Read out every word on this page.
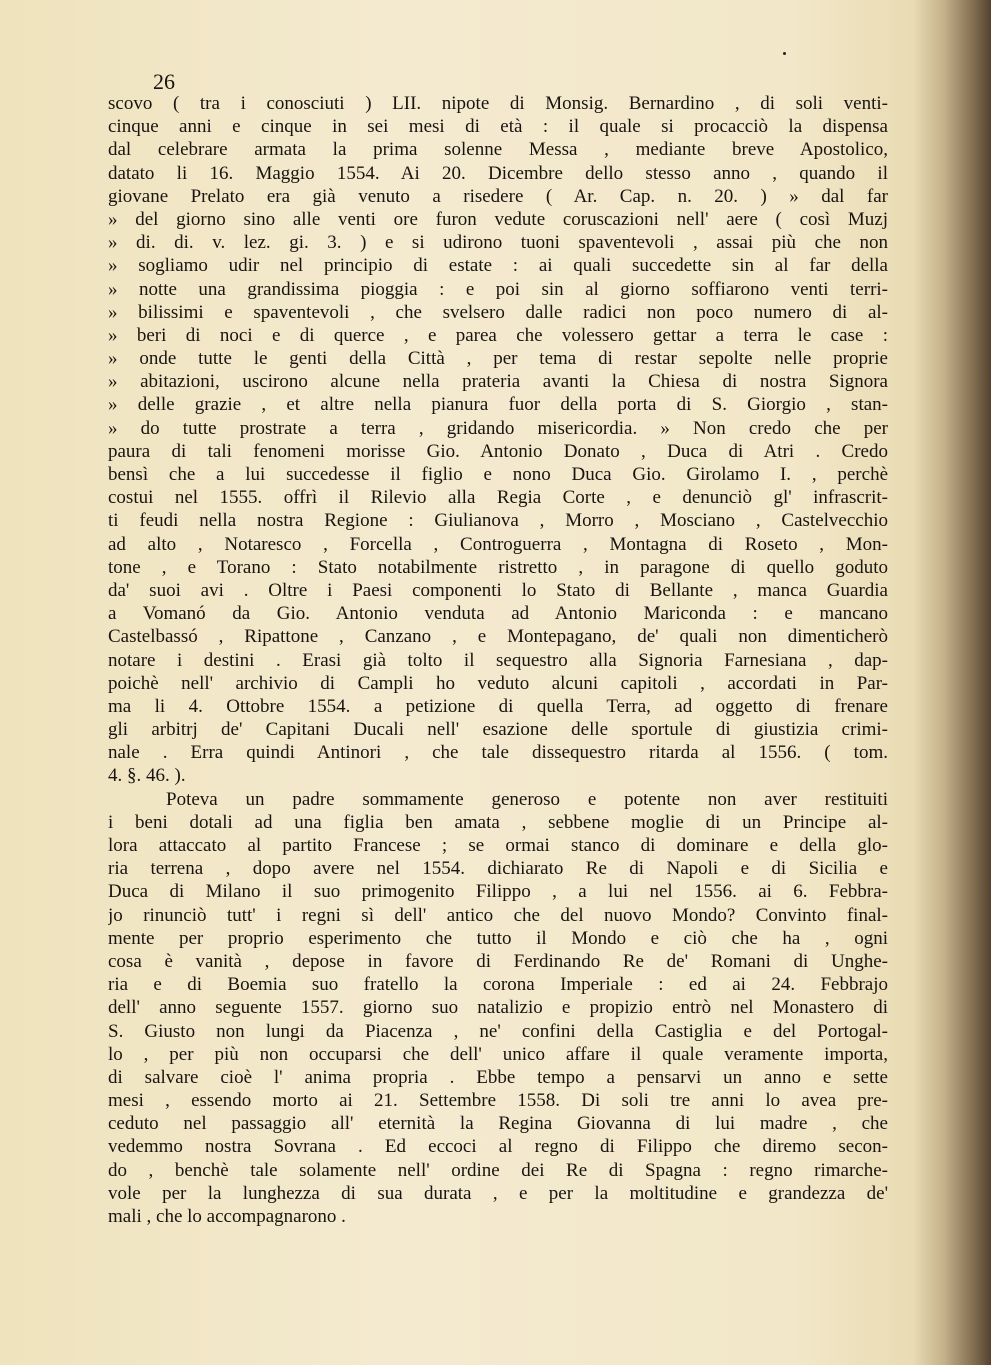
26
scovo ( tra i conosciuti ) LII. nipote di Monsig. Bernardino , di soli venti-
cinque anni e cinque in sei mesi di età : il quale si procacciò la dispensa
dal celebrare armata la prima solenne Messa , mediante breve Apostolico,
datato li 16. Maggio 1554. Ai 20. Dicembre dello stesso anno , quando il
giovane Prelato era già venuto a risedere ( Ar. Cap. n. 20. ) » dal far
» del giorno sino alle venti ore furon vedute coruscazioni nell' aere ( così Muzj
» di. di. v. lez. gi. 3. ) e si udirono tuoni spaventevoli , assai più che non
» sogliamo udir nel principio di estate : ai quali succedette sin al far della
» notte una grandissima pioggia : e poi sin al giorno soffiarono venti terri-
» bilissimi e spaventevoli , che svelsero dalle radici non poco numero di al-
» beri di noci e di querce , e parea che volessero gettar a terra le case :
» onde tutte le genti della Città , per tema di restar sepolte nelle proprie
» abitazioni, uscirono alcune nella prateria avanti la Chiesa di nostra Signora
» delle grazie , et altre nella pianura fuor della porta di S. Giorgio , stan-
» do tutte prostrate a terra , gridando misericordia. » Non credo che per
paura di tali fenomeni morisse Gio. Antonio Donato , Duca di Atri . Credo
bensì che a lui succedesse il figlio e nono Duca Gio. Girolamo I. , perchè
costui nel 1555. offrì il Rilevio alla Regia Corte , e denunciò gl' infrascrit-
ti feudi nella nostra Regione : Giulianova , Morro , Mosciano , Castelvecchio
ad alto , Notaresco , Forcella , Controguerra , Montagna di Roseto , Mon-
tone , e Torano : Stato notabilmente ristretto , in paragone di quello goduto
da' suoi avi . Oltre i Paesi componenti lo Stato di Bellante , manca Guardia
a Vomanó da Gio. Antonio venduta ad Antonio Mariconda : e mancano
Castelbassó , Ripattone , Canzano , e Montepagano, de' quali non dimenticherò
notare i destini . Erasi già tolto il sequestro alla Signoria Farnesiana , dap-
poichè nell' archivio di Campli ho veduto alcuni capitoli , accordati in Par-
ma li 4. Ottobre 1554. a petizione di quella Terra, ad oggetto di frenare
gli arbitrj de' Capitani Ducali nell' esazione delle sportule di giustizia crimi-
nale . Erra quindi Antinori , che tale dissequestro ritarda al 1556. ( tom.
4. §. 46. ).
Poteva un padre sommamente generoso e potente non aver restituiti
i beni dotali ad una figlia ben amata , sebbene moglie di un Principe al-
lora attaccato al partito Francese ; se ormai stanco di dominare e della glo-
ria terrena , dopo avere nel 1554. dichiarato Re di Napoli e di Sicilia e
Duca di Milano il suo primogenito Filippo , a lui nel 1556. ai 6. Febbra-
jo rinunciò tutt' i regni sì dell' antico che del nuovo Mondo? Convinto final-
mente per proprio esperimento che tutto il Mondo e ciò che ha , ogni
cosa è vanità , depose in favore di Ferdinando Re de' Romani di Unghe-
ria e di Boemia suo fratello la corona Imperiale : ed ai 24. Febbrajo
dell' anno seguente 1557. giorno suo natalizio e propizio entrò nel Monastero di
S. Giusto non lungi da Piacenza , ne' confini della Castiglia e del Portogal-
lo , per più non occuparsi che dell' unico affare il quale veramente importa,
di salvare cioè l' anima propria . Ebbe tempo a pensarvi un anno e sette
mesi , essendo morto ai 21. Settembre 1558. Di soli tre anni lo avea pre-
ceduto nel passaggio all' eternità la Regina Giovanna di lui madre , che
vedemmo nostra Sovrana . Ed eccoci al regno di Filippo che diremo secon-
do , benchè tale solamente nell' ordine dei Re di Spagna : regno rimarche-
vole per la lunghezza di sua durata , e per la moltitudine e grandezza de'
mali , che lo accompagnarono .
